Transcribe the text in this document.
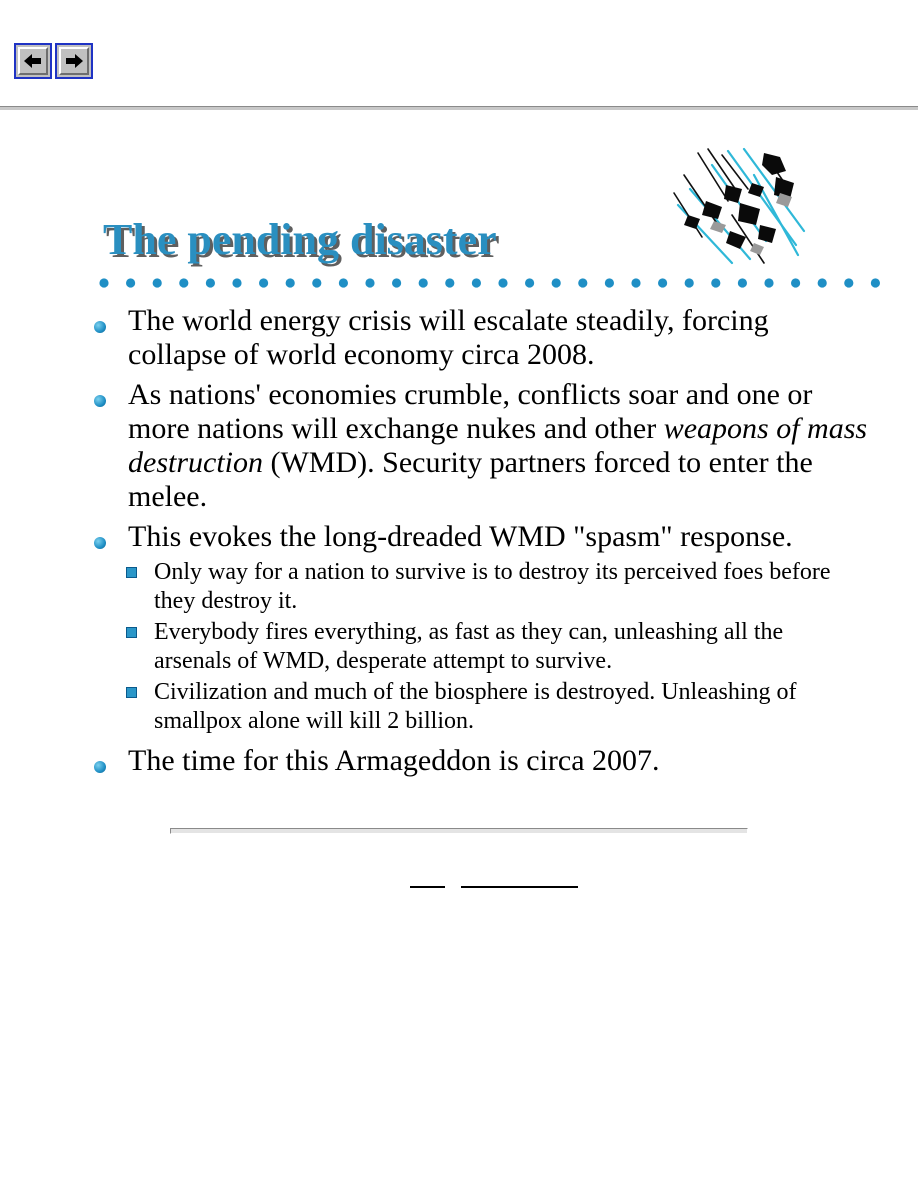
The pending disaster
The world energy crisis will escalate steadily, forcing collapse of world economy circa 2008.
As nations' economies crumble, conflicts soar and one or more nations will exchange nukes and other weapons of mass destruction (WMD). Security partners forced to enter the melee.
This evokes the long-dreaded WMD "spasm" response.
Only way for a nation to survive is to destroy its perceived foes before they destroy it.
Everybody fires everything, as fast as they can, unleashing all the arsenals of WMD, desperate attempt to survive.
Civilization and much of the biosphere is destroyed. Unleashing of smallpox alone will kill 2 billion.
The time for this Armageddon is circa 2007.
